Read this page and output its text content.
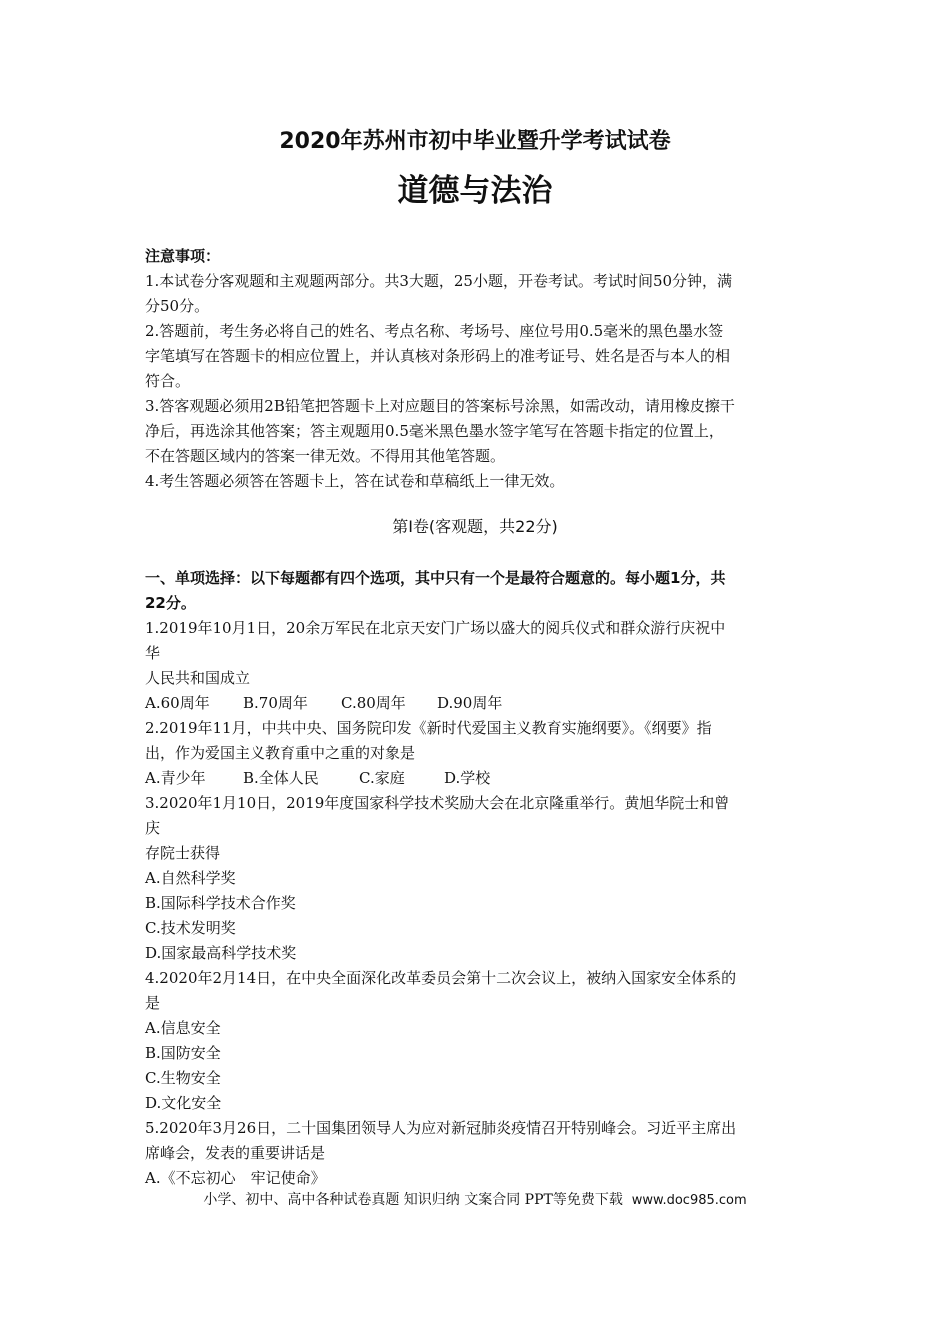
2020年苏州市初中毕业暨升学考试试卷
道德与法治
注意事项：
1.本试卷分客观题和主观题两部分。共3大题，25小题，开卷考试。考试时间50分钟，满
分50分。
2.答题前，考生务必将自己的姓名、考点名称、考场号、座位号用0.5毫米的黑色墨水签
字笔填写在答题卡的相应位置上，并认真核对条形码上的准考证号、姓名是否与本人的相
符合。
3.答客观题必须用2B铅笔把答题卡上对应题目的答案标号涂黑，如需改动，请用橡皮擦干
净后，再选涂其他答案；答主观题用0.5毫米黑色墨水签字笔写在答题卡指定的位置上，
不在答题区域内的答案一律无效。不得用其他笔答题。
4.考生答题必须答在答题卡上，答在试卷和草稿纸上一律无效。
第Ⅰ卷(客观题，共22分)
一、单项选择：以下每题都有四个选项，其中只有一个是最符合题意的。每小题1分，共
22分。
1.2019年10月1日，20余万军民在北京天安门广场以盛大的阅兵仪式和群众游行庆祝中
华
人民共和国成立
A.60周年 B.70周年 C.80周年 D.90周年
2.2019年11月，中共中央、国务院印发《新时代爱国主义教育实施纲要》。《纲要》指
出，作为爱国主义教育重中之重的对象是
A.青少年 B.全体人民	C.家庭	D.学校
3.2020年1月10日，2019年度国家科学技术奖励大会在北京隆重举行。黄旭华院士和曾
庆
存院士获得
A.自然科学奖
B.国际科学技术合作奖
C.技术发明奖
D.国家最高科学技术奖
4.2020年2月14日，在中央全面深化改革委员会第十二次会议上，被纳入国家安全体系的
是
A.信息安全
B.国防安全
C.生物安全
D.文化安全
5.2020年3月26日，二十国集团领导人为应对新冠肺炎疫情召开特别峰会。习近平主席出
席峰会，发表的重要讲话是
A.《不忘初心　牢记使命》
小学、初中、高中各种试卷真题 知识归纳 文案合同 PPT等免费下载 www.doc985.com
